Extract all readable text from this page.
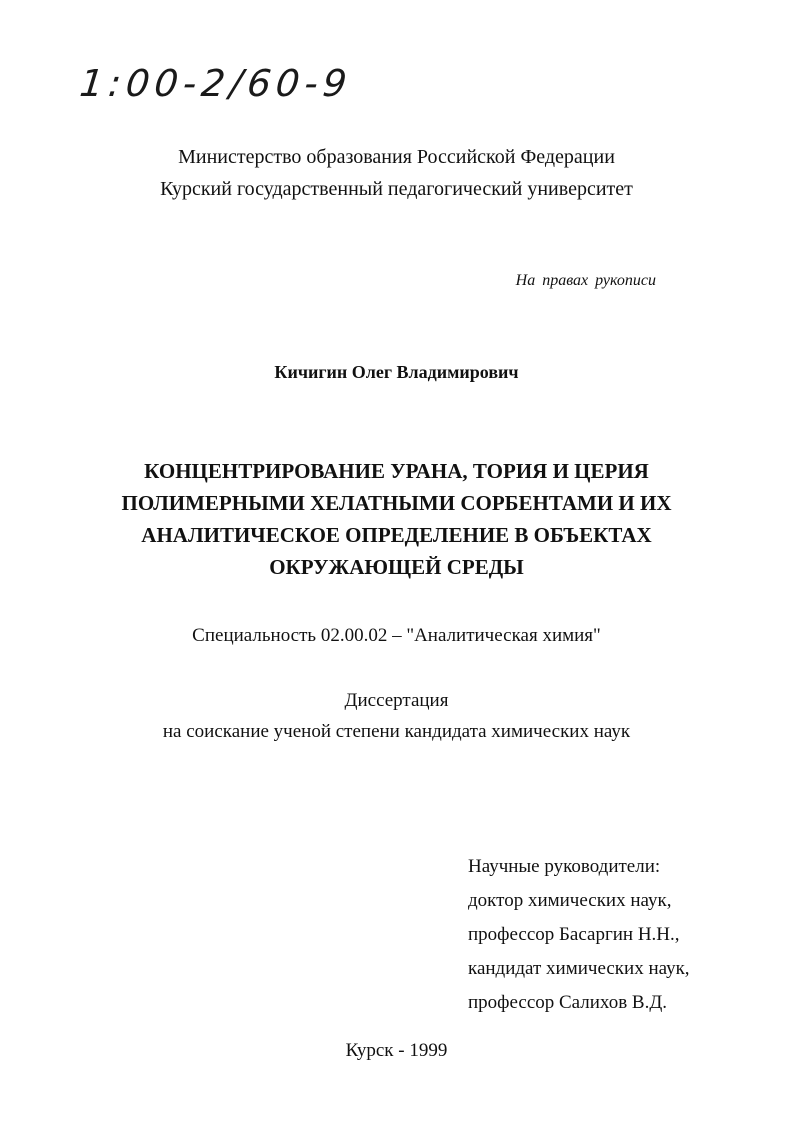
1:00-2/60-9
Министерство образования Российской Федерации
Курский государственный педагогический университет
На правах рукописи
Кичигин Олег Владимирович
КОНЦЕНТРИРОВАНИЕ УРАНА, ТОРИЯ И ЦЕРИЯ
ПОЛИМЕРНЫМИ ХЕЛАТНЫМИ СОРБЕНТАМИ И ИХ
АНАЛИТИЧЕСКОЕ ОПРЕДЕЛЕНИЕ В ОБЪЕКТАХ
ОКРУЖАЮЩЕЙ СРЕДЫ
Специальность 02.00.02 – "Аналитическая химия"
Диссертация
на соискание ученой степени кандидата химических наук
Научные руководители:
доктор химических наук,
профессор Басаргин Н.Н.,
кандидат химических наук,
профессор Салихов В.Д.
Курск - 1999
